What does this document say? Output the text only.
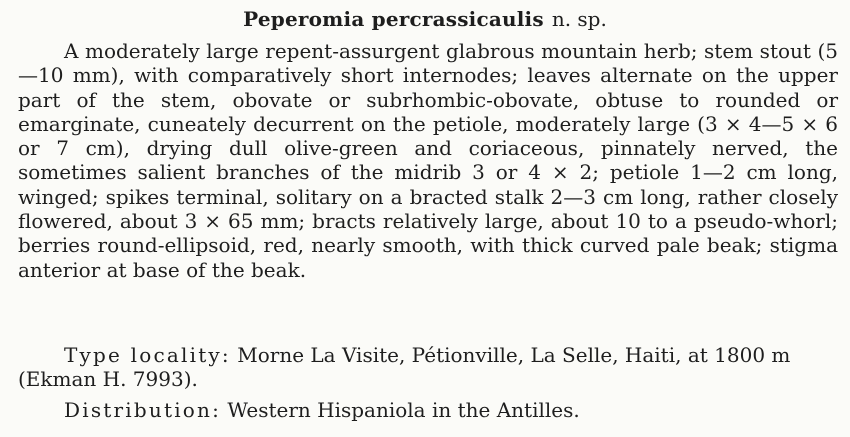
Peperomia percrassicaulis n. sp.

A moderately large repent-assurgent glabrous mountain herb; stem stout (5—10 mm), with comparatively short internodes; leaves alternate on the upper part of the stem, obovate or subrhombic-obovate, obtuse to rounded or emarginate, cuneately decurrent on the petiole, moderately large (3 × 4—5 × 6 or 7 cm), drying dull olive-green and coriaceous, pinnately nerved, the sometimes salient branches of the midrib 3 or 4 × 2; petiole 1—2 cm long, winged; spikes terminal, solitary on a bracted stalk 2—3 cm long, rather closely flowered, about 3 × 65 mm; bracts relatively large, about 10 to a pseudo-whorl; berries round-ellipsoid, red, nearly smooth, with thick curved pale beak; stigma anterior at base of the beak.

Type locality: Morne La Visite, Pétionville, La Selle, Haiti, at 1800 m (Ekman H. 7993).

Distribution: Western Hispaniola in the Antilles.
